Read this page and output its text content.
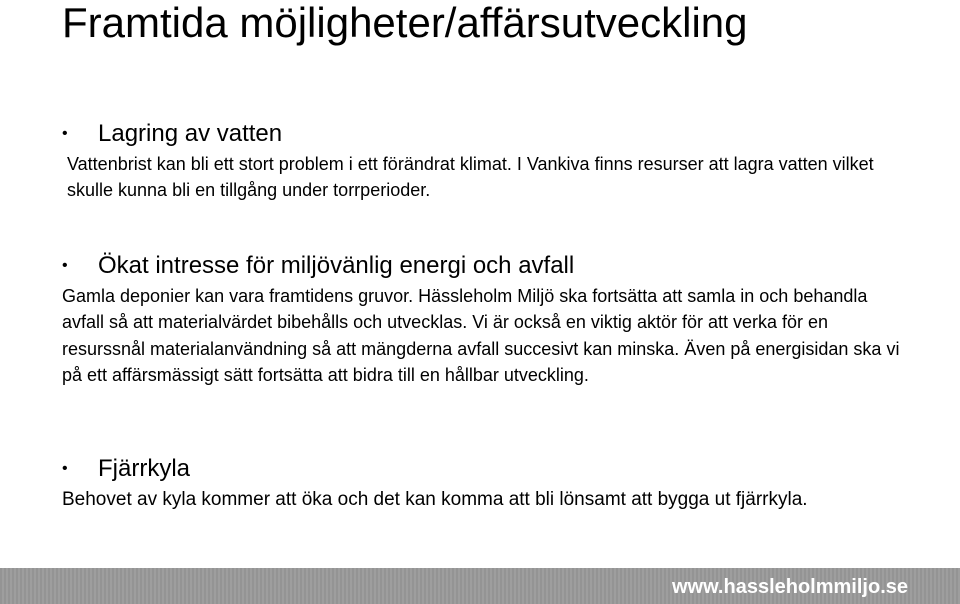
Framtida möjligheter/affärsutveckling
•	Lagring av vatten

Vattenbrist kan bli ett stort problem i ett förändrat klimat. I Vankiva finns resurser att lagra vatten vilket skulle kunna bli en tillgång under torrperioder.

•	Ökat intresse för miljövänlig energi och avfall

Gamla deponier kan vara framtidens gruvor. Hässleholm Miljö ska fortsätta att samla in och behandla avfall så att materialvärdet bibehålls och utvecklas. Vi är också en viktig aktör för att verka för en resurssnål materialanvändning så att mängderna avfall succesivt kan minska. Även på energisidan ska vi på ett affärsmässigt sätt fortsätta att bidra till en hållbar utveckling.

•	Fjärrkyla

Behovet av kyla kommer att öka och det kan komma att bli lönsamt att bygga ut fjärrkyla.

www.hassleholmmiljo.se
